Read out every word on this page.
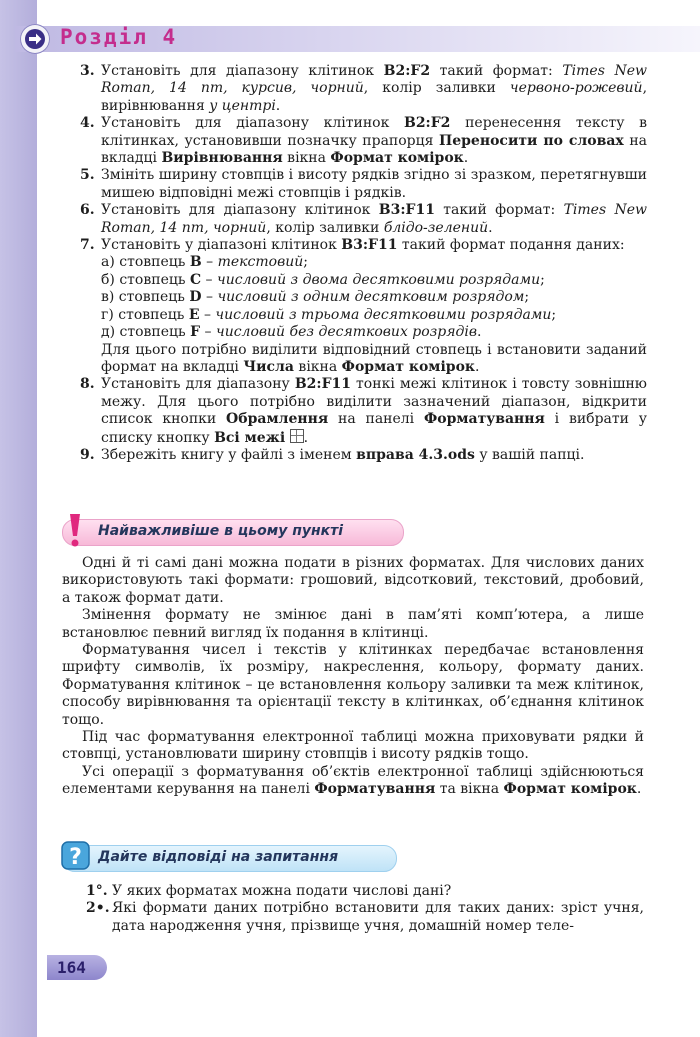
Розділ 4
3. Установіть для діапазону клітинок B2:F2 такий формат: Times New Roman, 14 пт, курсив, чорний, колір заливки червоно-рожевий, вирівнювання у центрі.
4. Установіть для діапазону клітинок B2:F2 перенесення тексту в клітинках, установивши позначку прапорця Переносити по словах на вкладці Вирівнювання вікна Формат комірок.
5. Змініть ширину стовпців і висоту рядків згідно зі зразком, перетягнувши мишею відповідні межі стовпців і рядків.
6. Установіть для діапазону клітинок B3:F11 такий формат: Times New Roman, 14 пт, чорний, колір заливки блідо-зелений.
7. Установіть у діапазоні клітинок B3:F11 такий формат подання даних:
а) стовпець B – текстовий;
б) стовпець C – числовий з двома десятковими розрядами;
в) стовпець D – числовий з одним десятковим розрядом;
г) стовпець E – числовий з трьома десятковими розрядами;
д) стовпець F – числовий без десяткових розрядів.
Для цього потрібно виділити відповідний стовпець і встановити заданий формат на вкладці Числа вікна Формат комірок.
8. Установіть для діапазону B2:F11 тонкі межі клітинок і товсту зовнішню межу. Для цього потрібно виділити зазначений діапазон, відкрити список кнопки Обрамлення на панелі Форматування і вибрати у списку кнопку Всі межі .
9. Збережіть книгу у файлі з іменем вправа 4.3.ods у вашій папці.
Найважливіше в цьому пункті

Одні й ті самі дані можна подати в різних форматах. Для числових даних використовують такі формати: грошовий, відсотковий, текстовий, дробовий, а також формат дати.

Змінення формату не змінює дані в пам’яті комп’ютера, а лише встановлює певний вигляд їх подання в клітинці.

Форматування чисел і текстів у клітинках передбачає встановлення шрифту символів, їх розміру, накреслення, кольору, формату даних. Форматування клітинок – це встановлення кольору заливки та меж клітинок, способу вирівнювання та орієнтації тексту в клітинках, об’єднання клітинок тощо.

Під час форматування електронної таблиці можна приховувати рядки й стовпці, установлювати ширину стовпців і висоту рядків тощо.

Усі операції з форматування об’єктів електронної таблиці здійснюються елементами керування на панелі Форматування та вікна Формат комірок.

Дайте відповіді на запитання
?
1°. У яких форматах можна подати числові дані?
2•. Які формати даних потрібно встановити для таких даних: зріст учня, дата народження учня, прізвище учня, домашній номер теле-
164
